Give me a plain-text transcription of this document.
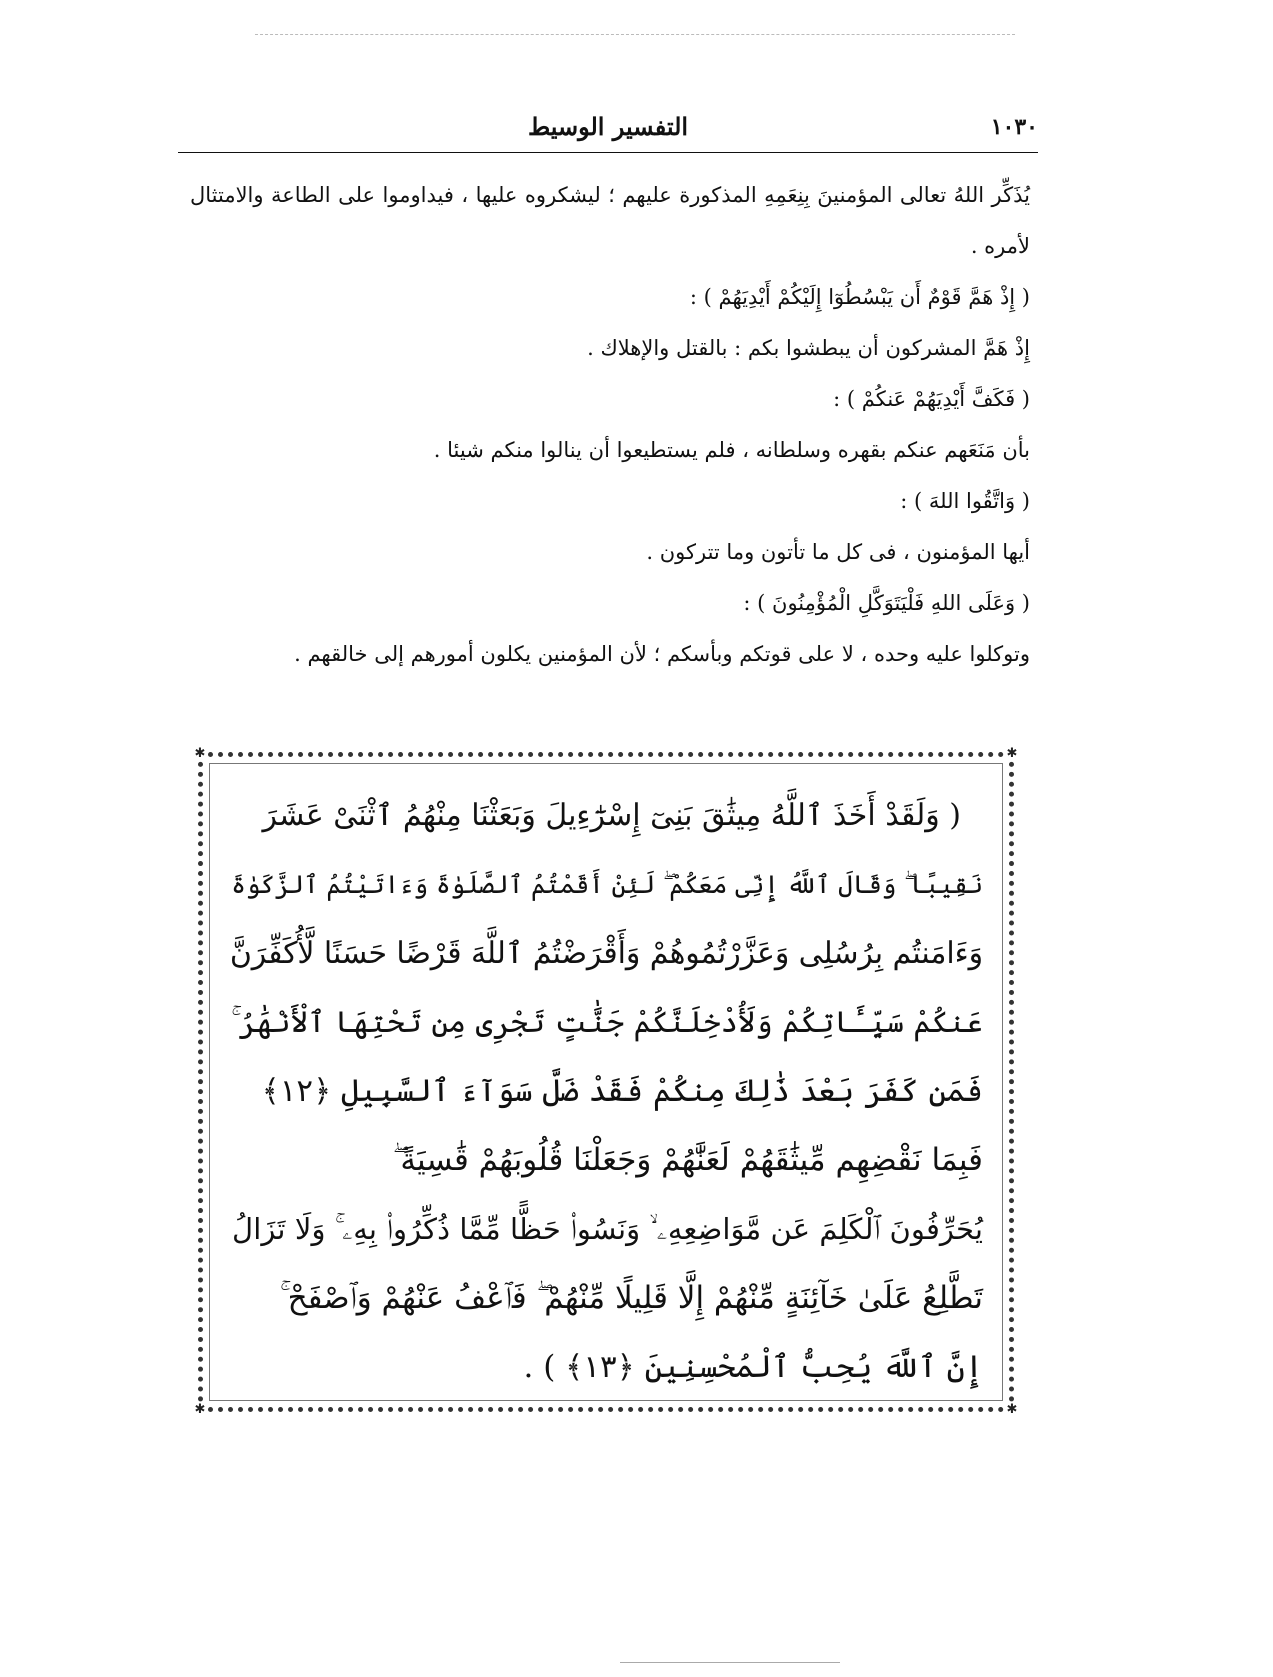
١٠٣٠
التفسير الوسيط

يُذَكِّر اللهُ تعالى المؤمنينَ بِنِعَمِهِ المذكورة عليهم ؛ ليشكروه عليها ، فيداوموا على الطاعة والامتثال لأمره .

( إِذْ هَمَّ قَوْمٌ أَن يَبْسُطُوٓا إِلَيْكُمْ أَيْدِيَهُمْ ) :

إِذْ هَمَّ المشركون أن يبطشوا بكم : بالقتل والإهلاك .

( فَكَفَّ أَيْدِيَهُمْ عَنكُمْ ) :

بأن مَنَعَهم عنكم بقهره وسلطانه ، فلم يستطيعوا أن ينالوا منكم شيئا .

( وَاتَّقُوا اللهَ ) :

أيها المؤمنون ، فى كل ما تأتون وما تتركون .

( وَعَلَى اللهِ فَلْيَتَوَكَّلِ الْمُؤْمِنُونَ ) :

وتوكلوا عليه وحده ، لا على قوتكم وبأسكم ؛ لأن المؤمنين يكلون أمورهم إلى خالقهم .

✱	✱
✱	✱

( وَلَقَدْ أَخَذَ ٱللَّهُ مِيثَٰقَ بَنِىٓ إِسْرَٰٓءِيلَ وَبَعَثْنَا مِنْهُمُ ٱثْنَىْ عَشَرَ

نَقِيبًا ۖ وَقَالَ ٱللَّهُ إِنِّى مَعَكُمْ ۖ لَئِنْ أَقَمْتُمُ ٱلصَّلَوٰةَ وَءَاتَيْتُمُ ٱلزَّكَوٰةَ

وَءَامَنتُم بِرُسُلِى وَعَزَّرْتُمُوهُمْ وَأَقْرَضْتُمُ ٱللَّهَ قَرْضًا حَسَنًا لَّأُكَفِّرَنَّ

عَنكُمْ سَيِّـَٔاتِكُمْ وَلَأُدْخِلَنَّكُمْ جَنَّٰتٍ تَجْرِى مِن تَحْتِهَا ٱلْأَنْهَٰرُ ۚ

فَمَن كَفَرَ بَعْدَ ذَٰلِكَ مِنكُمْ فَقَدْ ضَلَّ سَوَآءَ ٱلسَّبِيلِ ﴿١٢﴾

فَبِمَا نَقْضِهِم مِّيثَٰقَهُمْ لَعَنَّٰهُمْ وَجَعَلْنَا قُلُوبَهُمْ قَٰسِيَةً ۖ

يُحَرِّفُونَ ٱلْكَلِمَ عَن مَّوَاضِعِهِۦ ۙ وَنَسُوا۟ حَظًّا مِّمَّا ذُكِّرُوا۟ بِهِۦ ۚ وَلَا تَزَالُ

تَطَّلِعُ عَلَىٰ خَآئِنَةٍ مِّنْهُمْ إِلَّا قَلِيلًا مِّنْهُمْ ۖ فَٱعْفُ عَنْهُمْ وَٱصْفَحْ ۚ

إِنَّ ٱللَّهَ يُحِبُّ ٱلْمُحْسِنِينَ ﴿١٣﴾ ) .
